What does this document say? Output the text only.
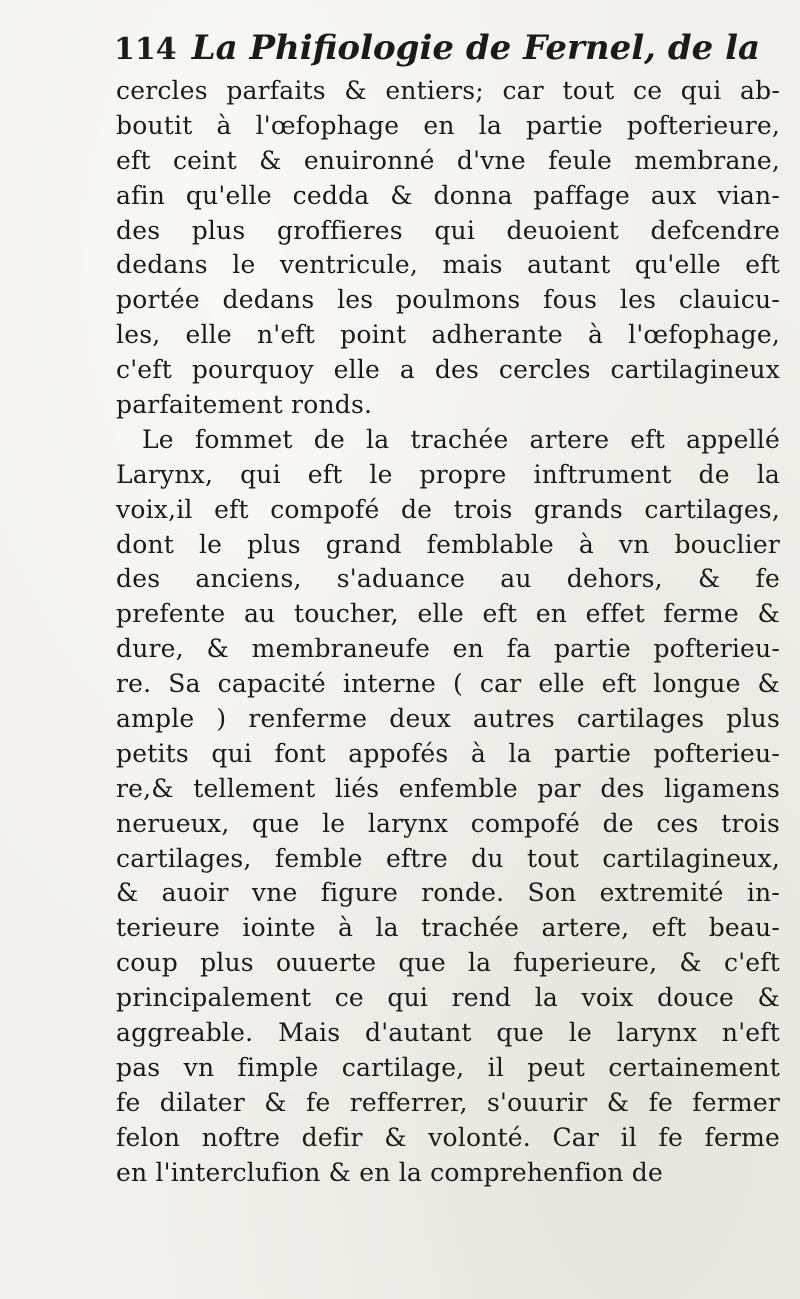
114 La Phifiologie de Fernel, de la
cercles parfaits & entiers; car tout ce qui ab-
boutit à l'œfophage en la partie pofterieure,
eft ceint & enuironné d'vne feule membrane,
afin qu'elle cedda & donna paffage aux vian-
des plus groffieres qui deuoient defcendre
dedans le ventricule, mais autant qu'elle eft
portée dedans les poulmons fous les clauicu-
les, elle n'eft point adherante à l'œfophage,
c'eft pourquoy elle a des cercles cartilagineux
parfaitement ronds.
Le fommet de la trachée artere eft appellé
Larynx, qui eft le propre inftrument de la
voix,il eft compofé de trois grands cartilages,
dont le plus grand femblable à vn bouclier
des anciens, s'aduance au dehors, & fe
prefente au toucher, elle eft en effet ferme &
dure, & membraneufe en fa partie pofterieu-
re. Sa capacité interne ( car elle eft longue &
ample ) renferme deux autres cartilages plus
petits qui font appofés à la partie pofterieu-
re,& tellement liés enfemble par des ligamens
nerueux, que le larynx compofé de ces trois
cartilages, femble eftre du tout cartilagineux,
& auoir vne figure ronde. Son extremité in-
terieure iointe à la trachée artere, eft beau-
coup plus ouuerte que la fuperieure, & c'eft
principalement ce qui rend la voix douce &
aggreable. Mais d'autant que le larynx n'eft
pas vn fimple cartilage, il peut certainement
fe dilater & fe refferrer, s'ouurir & fe fermer
felon noftre defir & volonté. Car il fe ferme
en l'interclufion & en la comprehenfion de
